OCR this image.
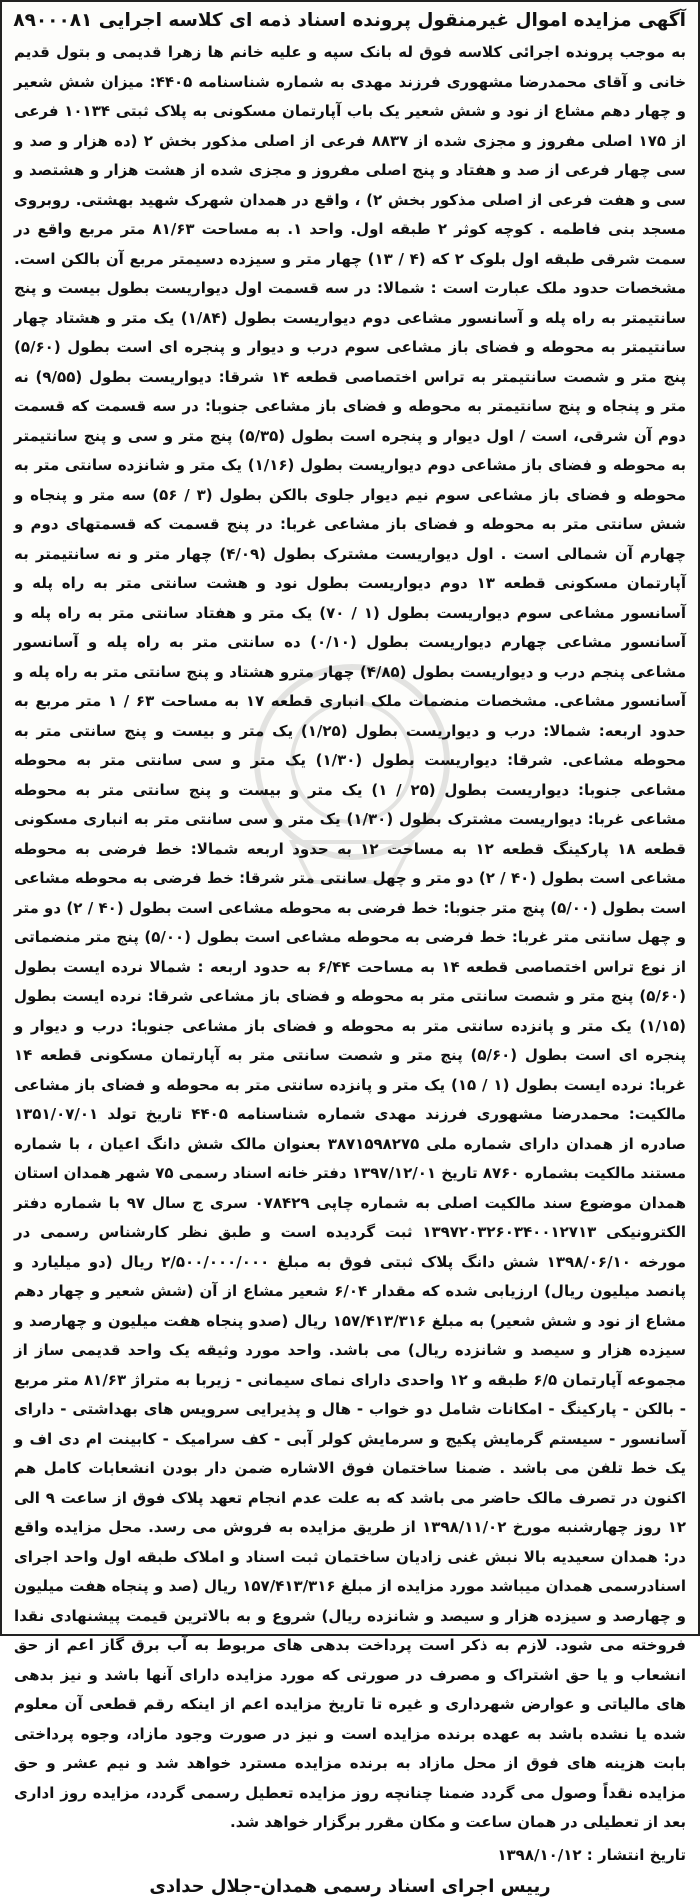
آگهی مزایده اموال غیرمنقول پرونده اسناد ذمه ای کلاسه اجرایی ۸۹۰۰۰۸۱

به موجب پرونده اجرائی کلاسه فوق له بانک سپه و علیه خانم ها زهرا قدیمی و بتول قدیم خانی و آقای محمدرضا مشهوری فرزند مهدی به شماره شناسنامه ۴۴۰۵: میزان شش شعیر و چهار دهم مشاع از نود و شش شعیر یک باب آپارتمان مسکونی به پلاک ثبتی ۱۰۱۳۴ فرعی از ۱۷۵ اصلی مفروز و مجزی شده از ۸۸۳۷ فرعی از اصلی مذکور بخش ۲ (ده هزار و صد و سی چهار فرعی از صد و هفتاد و پنج اصلی مفروز و مجزی شده از هشت هزار و هشتصد و سی و هفت فرعی از اصلی مذکور بخش ۲) ، واقع در همدان شهرک شهید بهشتی. روبروی مسجد بنی فاطمه . کوچه کوثر ۲ طبقه اول. واحد ۱. به مساحت ۸۱/۶۳ متر مربع واقع در سمت شرقی طبقه اول بلوک ۲ که (۴ / ۱۳) چهار متر و سیزده دسیمتر مربع آن بالکن است. مشخصات حدود ملک عبارت است : شمالا: در سه قسمت اول دیواریست بطول بیست و پنج سانتیمتر به راه پله و آسانسور مشاعی دوم دیواریست بطول (۱/۸۴) یک متر و هشتاد چهار سانتیمتر به محوطه و فضای باز مشاعی سوم درب و دیوار و پنجره ای است بطول (۵/۶۰) پنج متر و شصت سانتیمتر به تراس اختصاصی قطعه ۱۴ شرقا: دیواریست بطول (۹/۵۵) نه متر و پنجاه و پنج سانتیمتر به محوطه و فضای باز مشاعی جنوبا: در سه قسمت که قسمت دوم آن شرقی، است / اول دیوار و پنجره است بطول (۵/۳۵) پنج متر و سی و پنج سانتیمتر به محوطه و فضای باز مشاعی دوم دیواریست بطول (۱/۱۶) یک متر و شانزده سانتی متر به محوطه و فضای باز مشاعی سوم نیم دیوار جلوی بالکن بطول (۳ / ۵۶) سه متر و پنجاه و شش سانتی متر به محوطه و فضای باز مشاعی غربا: در پنج قسمت که قسمتهای دوم و چهارم آن شمالی است . اول دیواریست مشترک بطول (۴/۰۹) چهار متر و نه سانتیمتر به آپارتمان مسکونی قطعه ۱۳ دوم دیواریست بطول نود و هشت سانتی متر به راه پله و آسانسور مشاعی سوم دیواریست بطول (۱ / ۷۰) یک متر و هفتاد سانتی متر به راه پله و آسانسور مشاعی چهارم دیواریست بطول (۰/۱۰) ده سانتی متر به راه پله و آسانسور مشاعی پنجم درب و دیواریست بطول (۴/۸۵) چهار مترو هشتاد و پنج سانتی متر به راه پله و آسانسور مشاعی. مشخصات منضمات ملک انباری قطعه ۱۷ به مساحت ۶۳ / ۱ متر مربع به حدود اربعه: شمالا: درب و دیواریست بطول (۱/۲۵) یک متر و بیست و پنج سانتی متر به محوطه مشاعی. شرقا: دیواریست بطول (۱/۳۰) یک متر و سی سانتی متر به محوطه مشاعی جنوبا: دیواریست بطول (۲۵ / ۱) یک متر و بیست و پنج سانتی متر به محوطه مشاعی غربا: دیواریست مشترک بطول (۱/۳۰) یک متر و سی سانتی متر به انباری مسکونی قطعه ۱۸ پارکینگ قطعه ۱۲ به مساحت ۱۲ به حدود اربعه شمالا: خط فرضی به محوطه مشاعی است بطول (۴۰ / ۲) دو متر و چهل سانتی متر شرقا: خط فرضی به محوطه مشاعی است بطول (۵/۰۰) پنج متر جنوبا: خط فرضی به محوطه مشاعی است بطول (۴۰ / ۲) دو متر و چهل سانتی متر غربا: خط فرضی به محوطه مشاعی است بطول (۵/۰۰) پنج متر منضماتی از نوع تراس اختصاصی قطعه ۱۴ به مساحت ۶/۴۴ به حدود اربعه : شمالا نرده ایست بطول (۵/۶۰) پنج متر و شصت سانتی متر به محوطه و فضای باز مشاعی شرقا: نرده ایست بطول (۱/۱۵) یک متر و پانزده سانتی متر به محوطه و فضای باز مشاعی جنوبا: درب و دیوار و پنجره ای است بطول (۵/۶۰) پنج متر و شصت سانتی متر به آپارتمان مسکونی قطعه ۱۴ غربا: نرده ایست بطول (۱ / ۱۵) یک متر و پانزده سانتی متر به محوطه و فضای باز مشاعی مالکیت: محمدرضا مشهوری فرزند مهدی شماره شناسنامه ۴۴۰۵ تاریخ تولد ۱۳۵۱/۰۷/۰۱ صادره از همدان دارای شماره ملی ۳۸۷۱۵۹۸۲۷۵ بعنوان مالک شش دانگ اعیان ، با شماره مستند مالکیت بشماره ۸۷۶۰ تاریخ ۱۳۹۷/۱۲/۰۱ دفتر خانه اسناد رسمی ۷۵ شهر همدان استان همدان موضوع سند مالکیت اصلی به شماره چاپی ۰۷۸۴۲۹ سری ج سال ۹۷ با شماره دفتر الکترونیکی ۱۳۹۷۲۰۳۲۶۰۳۴۰۰۱۲۷۱۳ ثبت گردیده است و طبق نظر کارشناس رسمی در مورخه ۱۳۹۸/۰۶/۱۰ شش دانگ پلاک ثبتی فوق به مبلغ ۲/۵۰۰/۰۰۰/۰۰۰ ریال (دو میلیارد و پانصد میلیون ریال) ارزیابی شده که مقدار ۶/۰۴ شعیر مشاع از آن (شش شعیر و چهار دهم مشاع از نود و شش شعیر) به مبلغ ۱۵۷/۴۱۳/۳۱۶ ریال (صدو پنجاه هفت میلیون و چهارصد و سیزده هزار و سیصد و شانزده ریال) می باشد. واحد مورد وثیقه یک واحد قدیمی ساز از مجموعه آپارتمان ۶/۵ طبقه و ۱۲ واحدی دارای نمای سیمانی - زیربا به متراژ ۸۱/۶۳ متر مربع - بالکن - پارکینگ - امکانات شامل دو خواب - هال و پذیرایی سرویس های بهداشتی - دارای آسانسور - سیستم گرمایش پکیج و سرمایش کولر آبی - کف سرامیک - کابینت ام دی اف و یک خط تلفن می باشد . ضمنا ساختمان فوق الاشاره ضمن دار بودن انشعابات کامل هم اکنون در تصرف مالک حاضر می باشد که به علت عدم انجام تعهد پلاک فوق از ساعت ۹ الی ۱۲ روز چهارشنبه مورخ ۱۳۹۸/۱۱/۰۲ از طریق مزایده به فروش می رسد. محل مزایده واقع در: همدان سعیدیه بالا نبش غنی زادیان ساختمان ثبت اسناد و املاک طبقه اول واحد اجرای اسنادرسمی همدان میباشد مورد مزایده از مبلغ ۱۵۷/۴۱۳/۳۱۶ ریال (صد و پنجاه هفت میلیون و چهارصد و سیزده هزار و سیصد و شانزده ریال) شروع و به بالاترین قیمت پیشنهادی نقدا فروخته می شود. لازم به ذکر است پرداخت بدهی های مربوط به آب برق گاز اعم از حق انشعاب و یا حق اشتراک و مصرف در صورتی که مورد مزایده دارای آنها باشد و نیز بدهی های مالیاتی و عوارض شهرداری و غیره تا تاریخ مزایده اعم از اینکه رقم قطعی آن معلوم شده یا نشده باشد به عهده برنده مزایده است و نیز در صورت وجود مازاد، وجوه پرداختی بابت هزینه های فوق از محل مازاد به برنده مزایده مسترد خواهد شد و نیم عشر و حق مزایده نقداً وصول می گردد ضمنا چنانچه روز مزایده تعطیل رسمی گردد، مزایده روز اداری بعد از تعطیلی در همان ساعت و مکان مقرر برگزار خواهد شد.

تاریخ انتشار : ۱۳۹۸/۱۰/۱۲
رییس اجرای اسناد رسمی همدان-جلال حدادی
